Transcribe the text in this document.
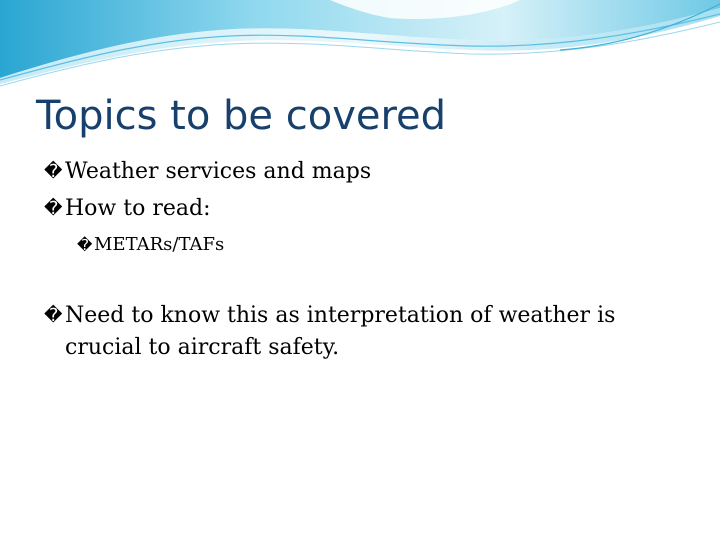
Topics to be covered
� Weather services and maps
� How to read:
� METARs/TAFs
� Need to know this as interpretation of weather is crucial to aircraft safety.
